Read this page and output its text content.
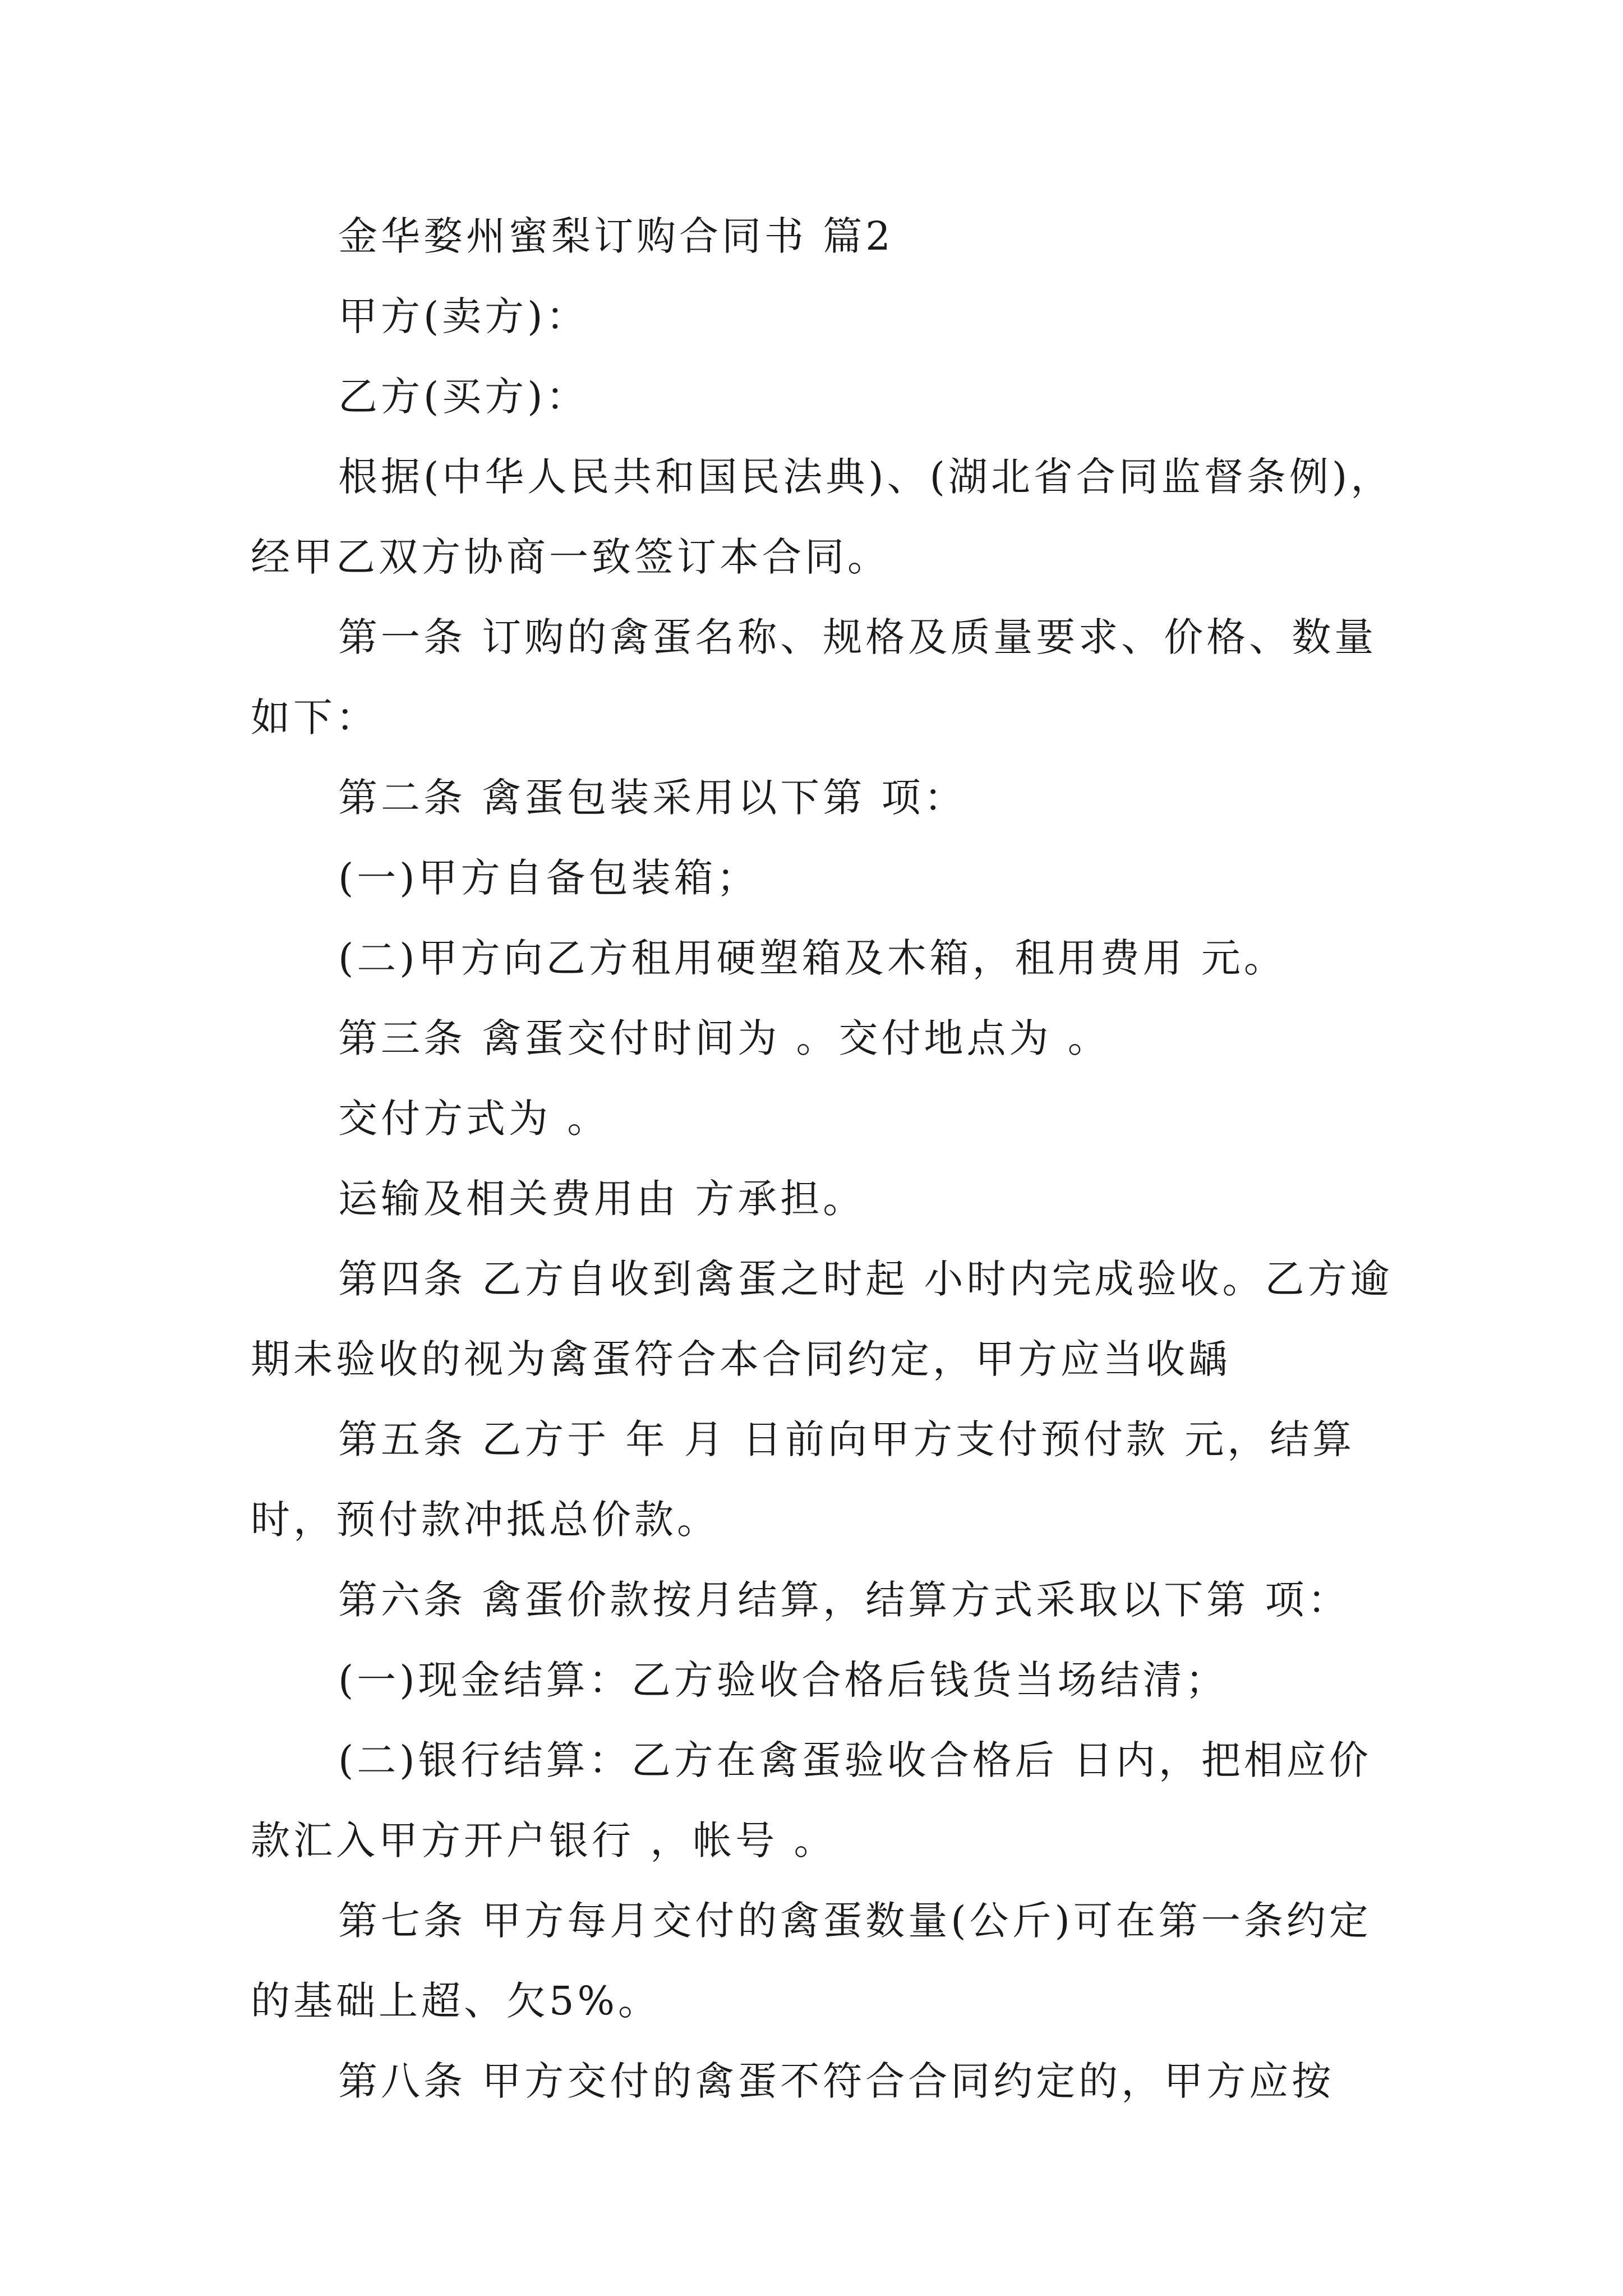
金华婺州蜜梨订购合同书 篇2

甲方(卖方)：

乙方(买方)：

根据(中华人民共和国民法典)、(湖北省合同监督条例)，经甲乙双方协商一致签订本合同。

第一条 订购的禽蛋名称、规格及质量要求、价格、数量如下：

第二条 禽蛋包装采用以下第 项：

(一)甲方自备包装箱；

(二)甲方向乙方租用硬塑箱及木箱，租用费用 元。

第三条 禽蛋交付时间为 。交付地点为 。

交付方式为 。

运输及相关费用由 方承担。

第四条 乙方自收到禽蛋之时起 小时内完成验收。乙方逾期未验收的视为禽蛋符合本合同约定，甲方应当收龋

第五条 乙方于 年 月 日前向甲方支付预付款 元，结算时，预付款冲抵总价款。

第六条 禽蛋价款按月结算，结算方式采取以下第 项：

(一)现金结算：乙方验收合格后钱货当场结清；

(二)银行结算：乙方在禽蛋验收合格后 日内，把相应价款汇入甲方开户银行 ，帐号 。

第七条 甲方每月交付的禽蛋数量(公斤)可在第一条约定的基础上超、欠5%。

第八条 甲方交付的禽蛋不符合合同约定的，甲方应按
